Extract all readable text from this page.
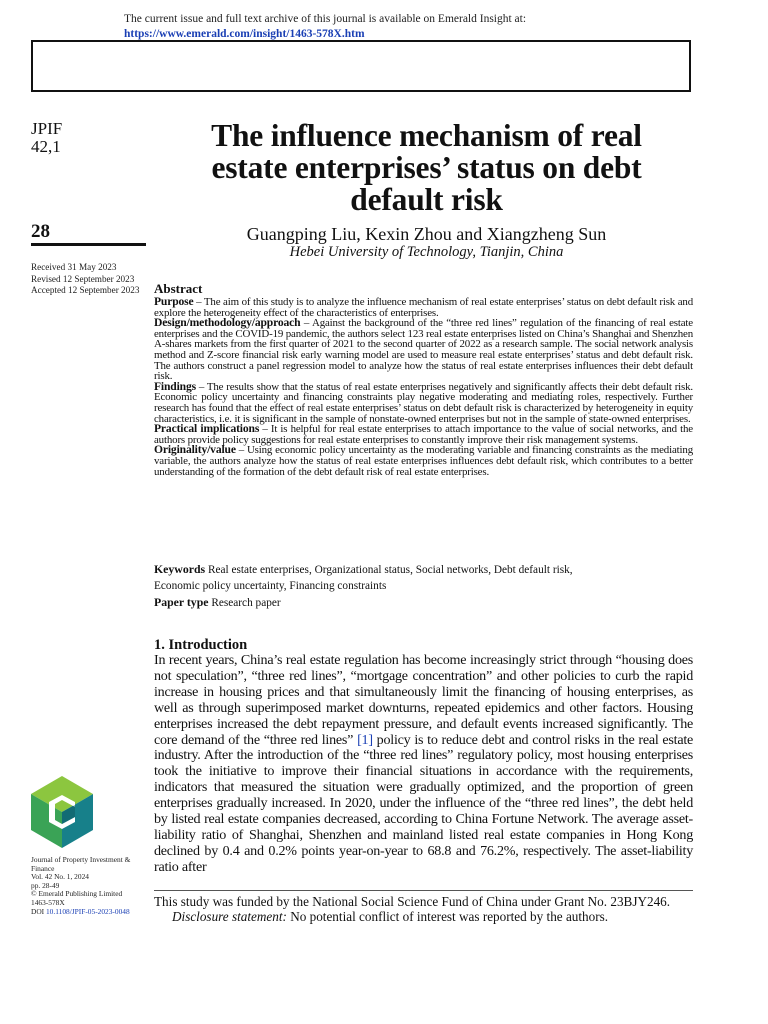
The current issue and full text archive of this journal is available on Emerald Insight at:
https://www.emerald.com/insight/1463-578X.htm
JPIF
42,1	The influence mechanism of real
estate enterprises’ status on debt
default risk
28	Guangping Liu, Kexin Zhou and Xiangzheng Sun
Hebei University of Technology, Tianjin, China
Received 31 May 2023
Revised 12 September 2023
Accepted 12 September 2023 Abstract

Purpose – The aim of this study is to analyze the influence mechanism of real estate enterprises’ status on debt default risk and explore the heterogeneity effect of the characteristics of enterprises.

Design/methodology/approach – Against the background of the “three red lines” regulation of the financing of real estate enterprises and the COVID-19 pandemic, the authors select 123 real estate enterprises listed on China’s Shanghai and Shenzhen A-shares markets from the first quarter of 2021 to the second quarter of 2022 as a research sample. The social network analysis method and Z-score financial risk early warning model are used to measure real estate enterprises’ status and debt default risk. The authors construct a panel regression model to analyze how the status of real estate enterprises influences their debt default risk.

Findings – The results show that the status of real estate enterprises negatively and significantly affects their debt default risk. Economic policy uncertainty and financing constraints play negative moderating and mediating roles, respectively. Further research has found that the effect of real estate enterprises’ status on debt default risk is characterized by heterogeneity in equity characteristics, i.e. it is significant in the sample of nonstate-owned enterprises but not in the sample of state-owned enterprises.

Practical implications – It is helpful for real estate enterprises to attach importance to the value of social networks, and the authors provide policy suggestions for real estate enterprises to constantly improve their risk management systems.

Originality/value – Using economic policy uncertainty as the moderating variable and financing constraints as the mediating variable, the authors analyze how the status of real estate enterprises influences debt default risk, which contributes to a better understanding of the formation of the debt default risk of real estate enterprises.

Keywords Real estate enterprises, Organizational status, Social networks, Debt default risk,

Economic policy uncertainty, Financing constraints

Paper type Research paper

1. Introduction

In recent years, China’s real estate regulation has become increasingly strict through “housing does not speculation”, “three red lines”, “mortgage concentration” and other policies to curb the rapid increase in housing prices and that simultaneously limit the financing of housing enterprises, as well as through superimposed market downturns, repeated epidemics and other factors. Housing enterprises increased the debt repayment pressure, and default events increased significantly. The core demand of the “three red lines” [1] policy is to reduce debt and control risks in the real estate industry. After the introduction of the “three red lines” regulatory policy, most housing enterprises took the initiative to improve their financial situations in accordance with the requirements, indicators that measured the situation were gradually optimized, and the proportion of green enterprises gradually increased. In 2020, under the influence of the “three red lines”, the debt held by listed real estate companies decreased, according to China Fortune Network. The average asset-liability ratio of Shanghai, Shenzhen and mainland listed real estate companies in Hong Kong declined by 0.4 and 0.2% points year-on-year to 68.8 and 76.2%, respectively. The asset-liability ratio after

Journal of Property Investment & Finance
Vol. 42 No. 1, 2024
pp. 28-49
© Emerald Publishing Limited
1463-578X
DOI 10.1108/JPIF-05-2023-0048
This study was funded by the National Social Science Fund of China under Grant No. 23BJY246.
Disclosure statement: No potential conflict of interest was reported by the authors.
